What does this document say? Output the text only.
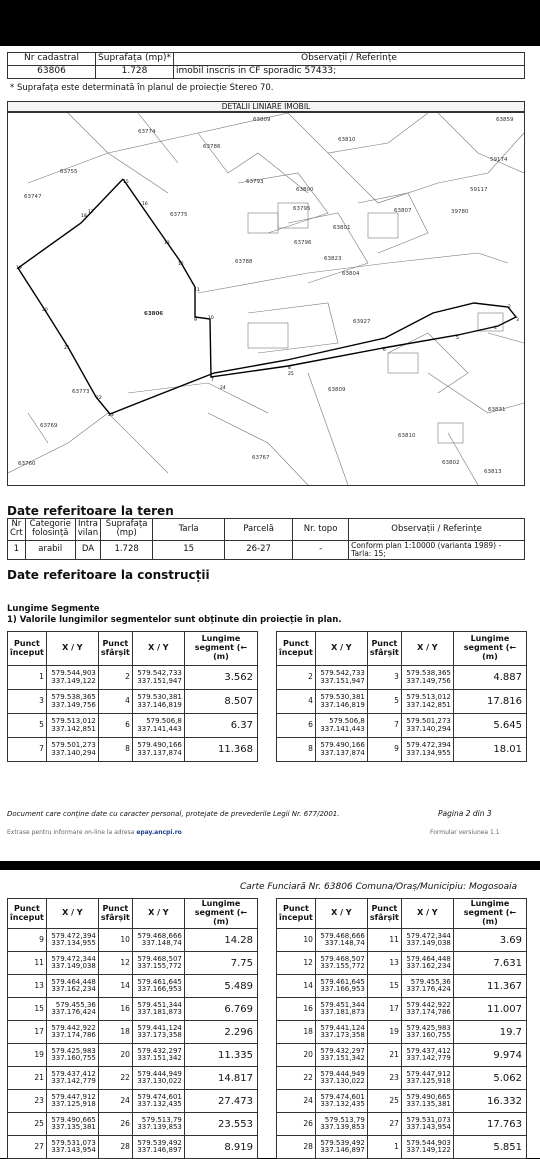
Nr cadastral	Suprafața (mp)*	Observații / Referințe
63806	1.728	imobil inscris in CF sporadic 57433;
* Suprafața este determinată în planul de proiecție Stereo 70.
DETALII LINIARE IMOBIL
63774
63786
63810
63809	63859
59174
63755
63793
63800	59117
63747
63795	63807	39780
63775
63801
63796
63788	63823
63804
63806
63927
63773	63809
63769
63831
63810
63767
63802
63760
63813
15
16
17
18
19
20
21
22
23
24
25
2
3
4
5
6
7
8
9 10
11
12
13
Date referitoare la teren
Nr Crt	Categorie folosință	Intra vilan	Suprafața (mp)	Tarla	Parcelă	Nr. topo	Observații / Referințe
1	arabil	DA	1.728	15	26-27	-	Conform plan 1:10000 (varianta 1989) - Tarla: 15;
Date referitoare la construcții
Lungime Segmente
1) Valorile lungimilor segmentelor sunt obținute din proiecție în plan.
Punct început	X / Y	Punct sfârșit	X / Y	Lungime segment (← (m)
1	579.544,903
337.149,122	2	579.542,733
337.151,947	3.562
3	579.538,365
337.149,756	4	579.530,381
337.146,819	8.507
5	579.513,012
337.142,851	6	579.506,8
337.141,443	6.37
7	579.501,273
337.140,294	8	579.490,166
337.137,874	11.368
Punct început	X / Y	Punct sfârșit	X / Y	Lungime segment (← (m)
2	579.542,733
337.151,947	3	579.538,365
337.149,756	4.887
4	579.530,381
337.146,819	5	579.513,012
337.142,851	17.816
6	579.506,8
337.141,443	7	579.501,273
337.140,294	5.645
8	579.490,166
337.137,874	9	579.472,394
337.134,955	18.01
Document care conține date cu caracter personal, protejate de prevederile Legii Nr. 677/2001.	Pagina 2 din 3
Extrase pentru informare on-line la adresa epay.ancpi.ro	Formular versiunea 1.1
Carte Funciară Nr. 63806 Comuna/Oraș/Municipiu: Mogosoaia
Punct început	X / Y	Punct sfârșit	X / Y	Lungime segment (← (m)
9	579.472,394
337.134,955	10	579.468,666
337.148,74	14.28
11	579.472,344
337.149,038	12	579.468,507
337.155,772	7.75
13	579.464,448
337.162,234	14	579.461,645
337.166,953	5.489
15	579.455,36
337.176,424	16	579.451,344
337.181,873	6.769
17	579.442,922
337.174,786	18	579.441,124
337.173,358	2.296
19	579.425,983
337.160,755	20	579.432,297
337.151,342	11.335
21	579.437,412
337.142,779	22	579.444,949
337.130,022	14.817
23	579.447,912
337.125,918	24	579.474,601
337.132,435	27.473
25	579.490,665
337.135,381	26	579.513,79
337.139,853	23.553
27	579.531,073
337.143,954	28	579.539,492
337.146,897	8.919
Punct început	X / Y	Punct sfârșit	X / Y	Lungime segment (← (m)
10	579.468,666
337.148,74	11	579.472,344
337.149,038	3.69
12	579.468,507
337.155,772	13	579.464,448
337.162,234	7.631
14	579.461,645
337.166,953	15	579.455,36
337.176,424	11.367
16	579.451,344
337.181,873	17	579.442,922
337.174,786	11.007
18	579.441,124
337.173,358	19	579.425,983
337.160,755	19.7
20	579.432,297
337.151,342	21	579.437,412
337.142,779	9.974
22	579.444,949
337.130,022	23	579.447,912
337.125,918	5.062
24	579.474,601
337.132,435	25	579.490,665
337.135,381	16.332
26	579.513,79
337.139,853	27	579.531,073
337.143,954	17.763
28	579.539,492
337.146,897	1	579.544,903
337.149,122	5.851
